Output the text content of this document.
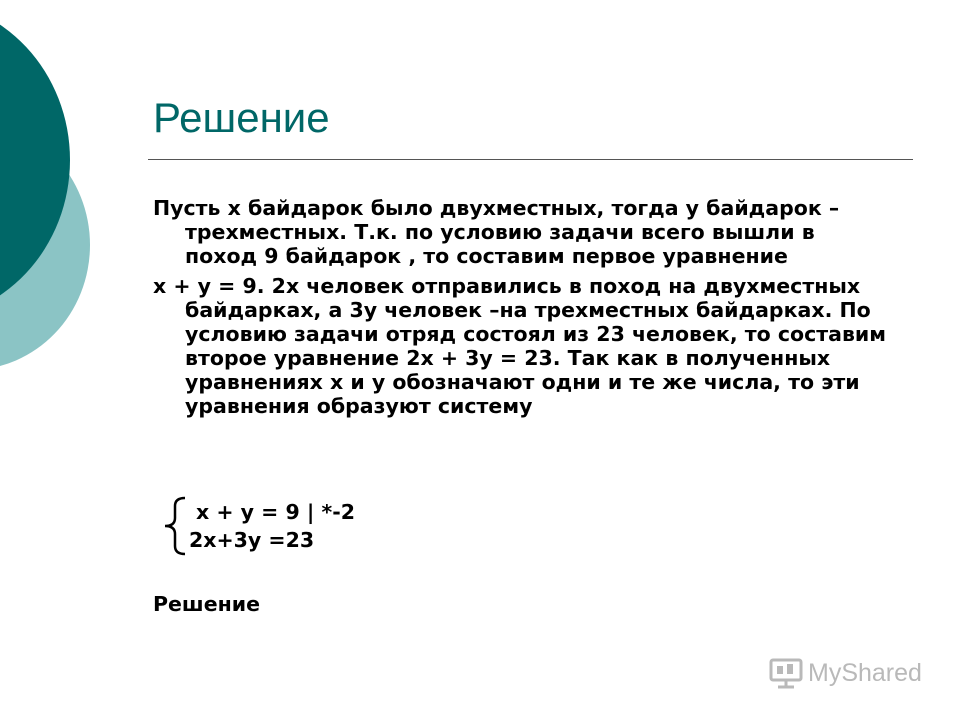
Решение

Пусть х байдарок было двухместных, тогда у байдарок – трехместных. Т.к. по условию задачи всего вышли в поход 9 байдарок , то составим первое уравнение

х + у = 9. 2х человек отправились в поход на двухместных байдарках, а 3у человек –на трехместных байдарках. По условию задачи отряд состоял из 23 человек, то составим второе уравнение 2х + 3у = 23. Так как в полученных уравнениях х и у обозначают одни и те же числа, то эти уравнения образуют систему

х + у = 9 | *-2
2х+3у =23
Решение
MyShared
